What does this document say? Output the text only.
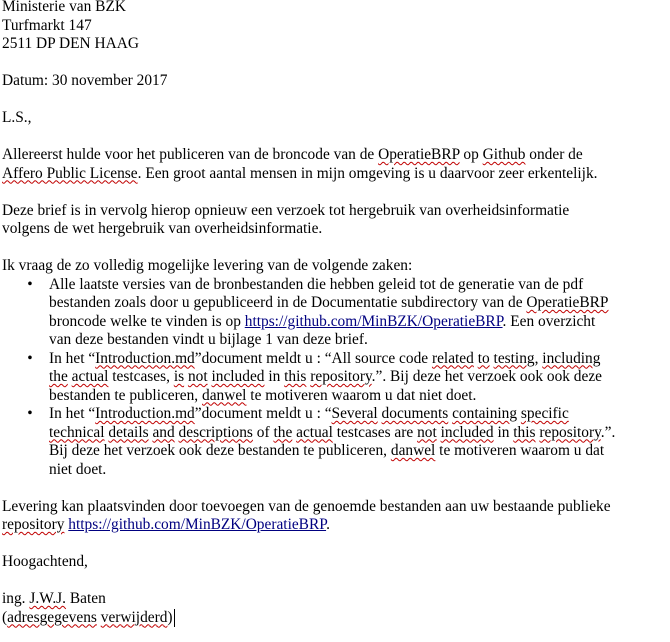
Ministerie van BZK
Turfmarkt 147
2511 DP DEN HAAG
Datum: 30 november 2017
L.S.,
Allereerst hulde voor het publiceren van de broncode van de OperatieBRP op Github onder de
Affero Public License. Een groot aantal mensen in mijn omgeving is u daarvoor zeer erkentelijk.
Deze brief is in vervolg hierop opnieuw een verzoek tot hergebruik van overheidsinformatie
volgens de wet hergebruik van overheidsinformatie.
Ik vraag de zo volledig mogelijke levering van de volgende zaken:
• Alle laatste versies van de bronbestanden die hebben geleid tot de generatie van de pdf
bestanden zoals door u gepubliceerd in de Documentatie subdirectory van de OperatieBRP
broncode welke te vinden is op https://github.com/MinBZK/OperatieBRP. Een overzicht
van deze bestanden vindt u bijlage 1 van deze brief.
• In het “Introduction.md”document meldt u : “All source code related to testing, including
the actual testcases, is not included in this repository.”. Bij deze het verzoek ook ook deze
bestanden te publiceren, danwel te motiveren waarom u dat niet doet.
• In het “Introduction.md”document meldt u : “Several documents containing specific
technical details and descriptions of the actual testcases are not included in this repository.”.
Bij deze het verzoek ook deze bestanden te publiceren, danwel te motiveren waarom u dat
niet doet.
Levering kan plaatsvinden door toevoegen van de genoemde bestanden aan uw bestaande publieke
repository https://github.com/MinBZK/OperatieBRP.
Hoogachtend,
ing. J.W.J. Baten
(adresgegevens verwijderd)
